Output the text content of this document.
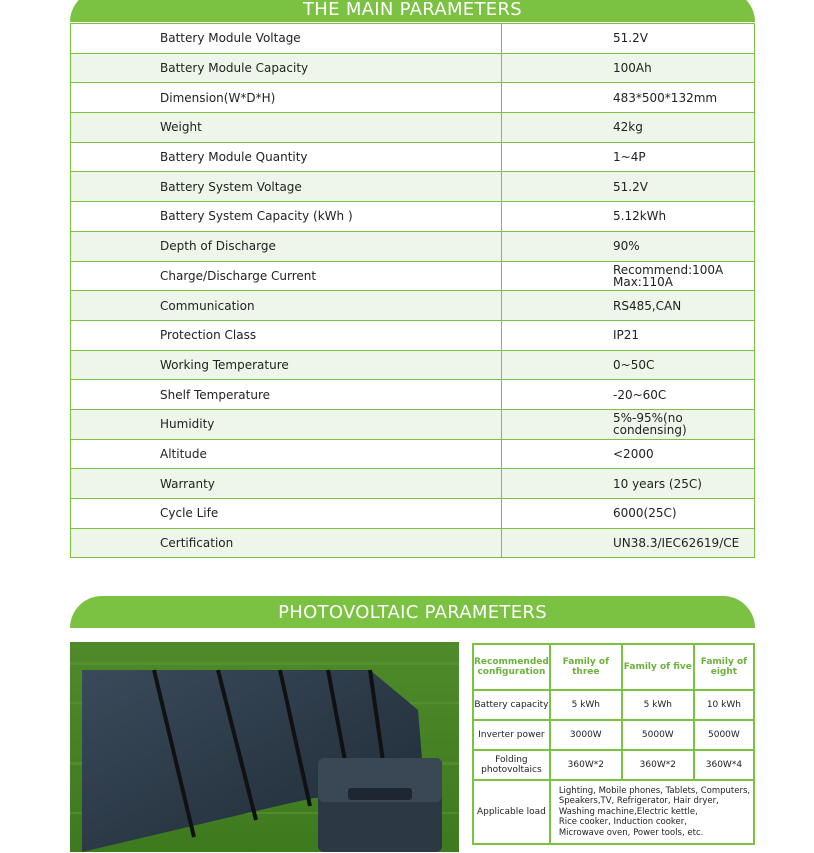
THE MAIN PARAMETERS
Battery Module Voltage	51.2V
Battery Module Capacity	100Ah
Dimension(W*D*H)	483*500*132mm
Weight	42kg
Battery Module Quantity	1~4P
Battery System Voltage	51.2V
Battery System Capacity (kWh )	5.12kWh
Depth of Discharge	90%
Charge/Discharge Current	Recommend:100A
Max:110A

Communication	RS485,CAN
Protection Class	IP21
Working Temperature	0~50C
Shelf Temperature	-20~60C
Humidity	5%-95%(no condensing)
Altitude	<2000
Warranty	10 years (25C)
Cycle Life	6000(25C)
Certification	UN38.3/IEC62619/CE
PHOTOVOLTAIC PARAMETERS
Recommended configuration	Family of three	Family of five	Family of eight
Battery capacity	5 kWh	5 kWh	10 kWh
Inverter power	3000W	5000W	5000W
Folding photovoltaics	360W*2	360W*2	360W*4
Applicable load	Lighting, Mobile phones, Tablets, Computers,
Speakers,TV, Refrigerator, Hair dryer,
Washing machine,Electric kettle,
Rice cooker, Induction cooker,
Microwave oven, Power tools, etc.		
